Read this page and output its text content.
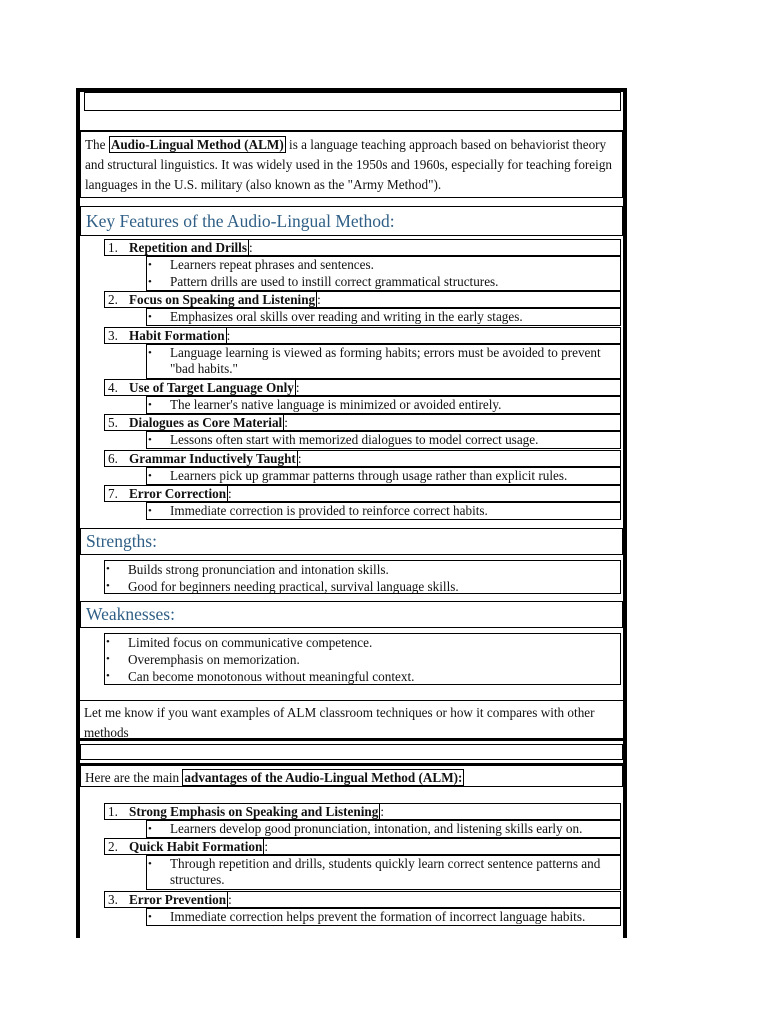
The Audio-Lingual Method (ALM) is a language teaching approach based on behaviorist theory and structural linguistics. It was widely used in the 1950s and 1960s, especially for teaching foreign languages in the U.S. military (also known as the "Army Method").
Key Features of the Audio-Lingual Method:
1. Repetition and Drills :
• Learners repeat phrases and sentences.
• Pattern drills are used to instill correct grammatical structures.
2. Focus on Speaking and Listening :
• Emphasizes oral skills over reading and writing in the early stages.
3. Habit Formation :
• Language learning is viewed as forming habits; errors must be avoided to prevent "bad habits."
4. Use of Target Language Only :
• The learner's native language is minimized or avoided entirely.
5. Dialogues as Core Material :
• Lessons often start with memorized dialogues to model correct usage.
6. Grammar Inductively Taught :
• Learners pick up grammar patterns through usage rather than explicit rules.
7. Error Correction :
• Immediate correction is provided to reinforce correct habits.
Strengths:
• Builds strong pronunciation and intonation skills.
• Good for beginners needing practical, survival language skills.
Weaknesses:
• Limited focus on communicative competence.
• Overemphasis on memorization.
• Can become monotonous without meaningful context.
Let me know if you want examples of ALM classroom techniques or how it compares with other methods
Here are the main advantages of the Audio-Lingual Method (ALM):
1. Strong Emphasis on Speaking and Listening :
• Learners develop good pronunciation, intonation, and listening skills early on.
2. Quick Habit Formation :
• Through repetition and drills, students quickly learn correct sentence patterns and structures.
3. Error Prevention :
• Immediate correction helps prevent the formation of incorrect language habits.
